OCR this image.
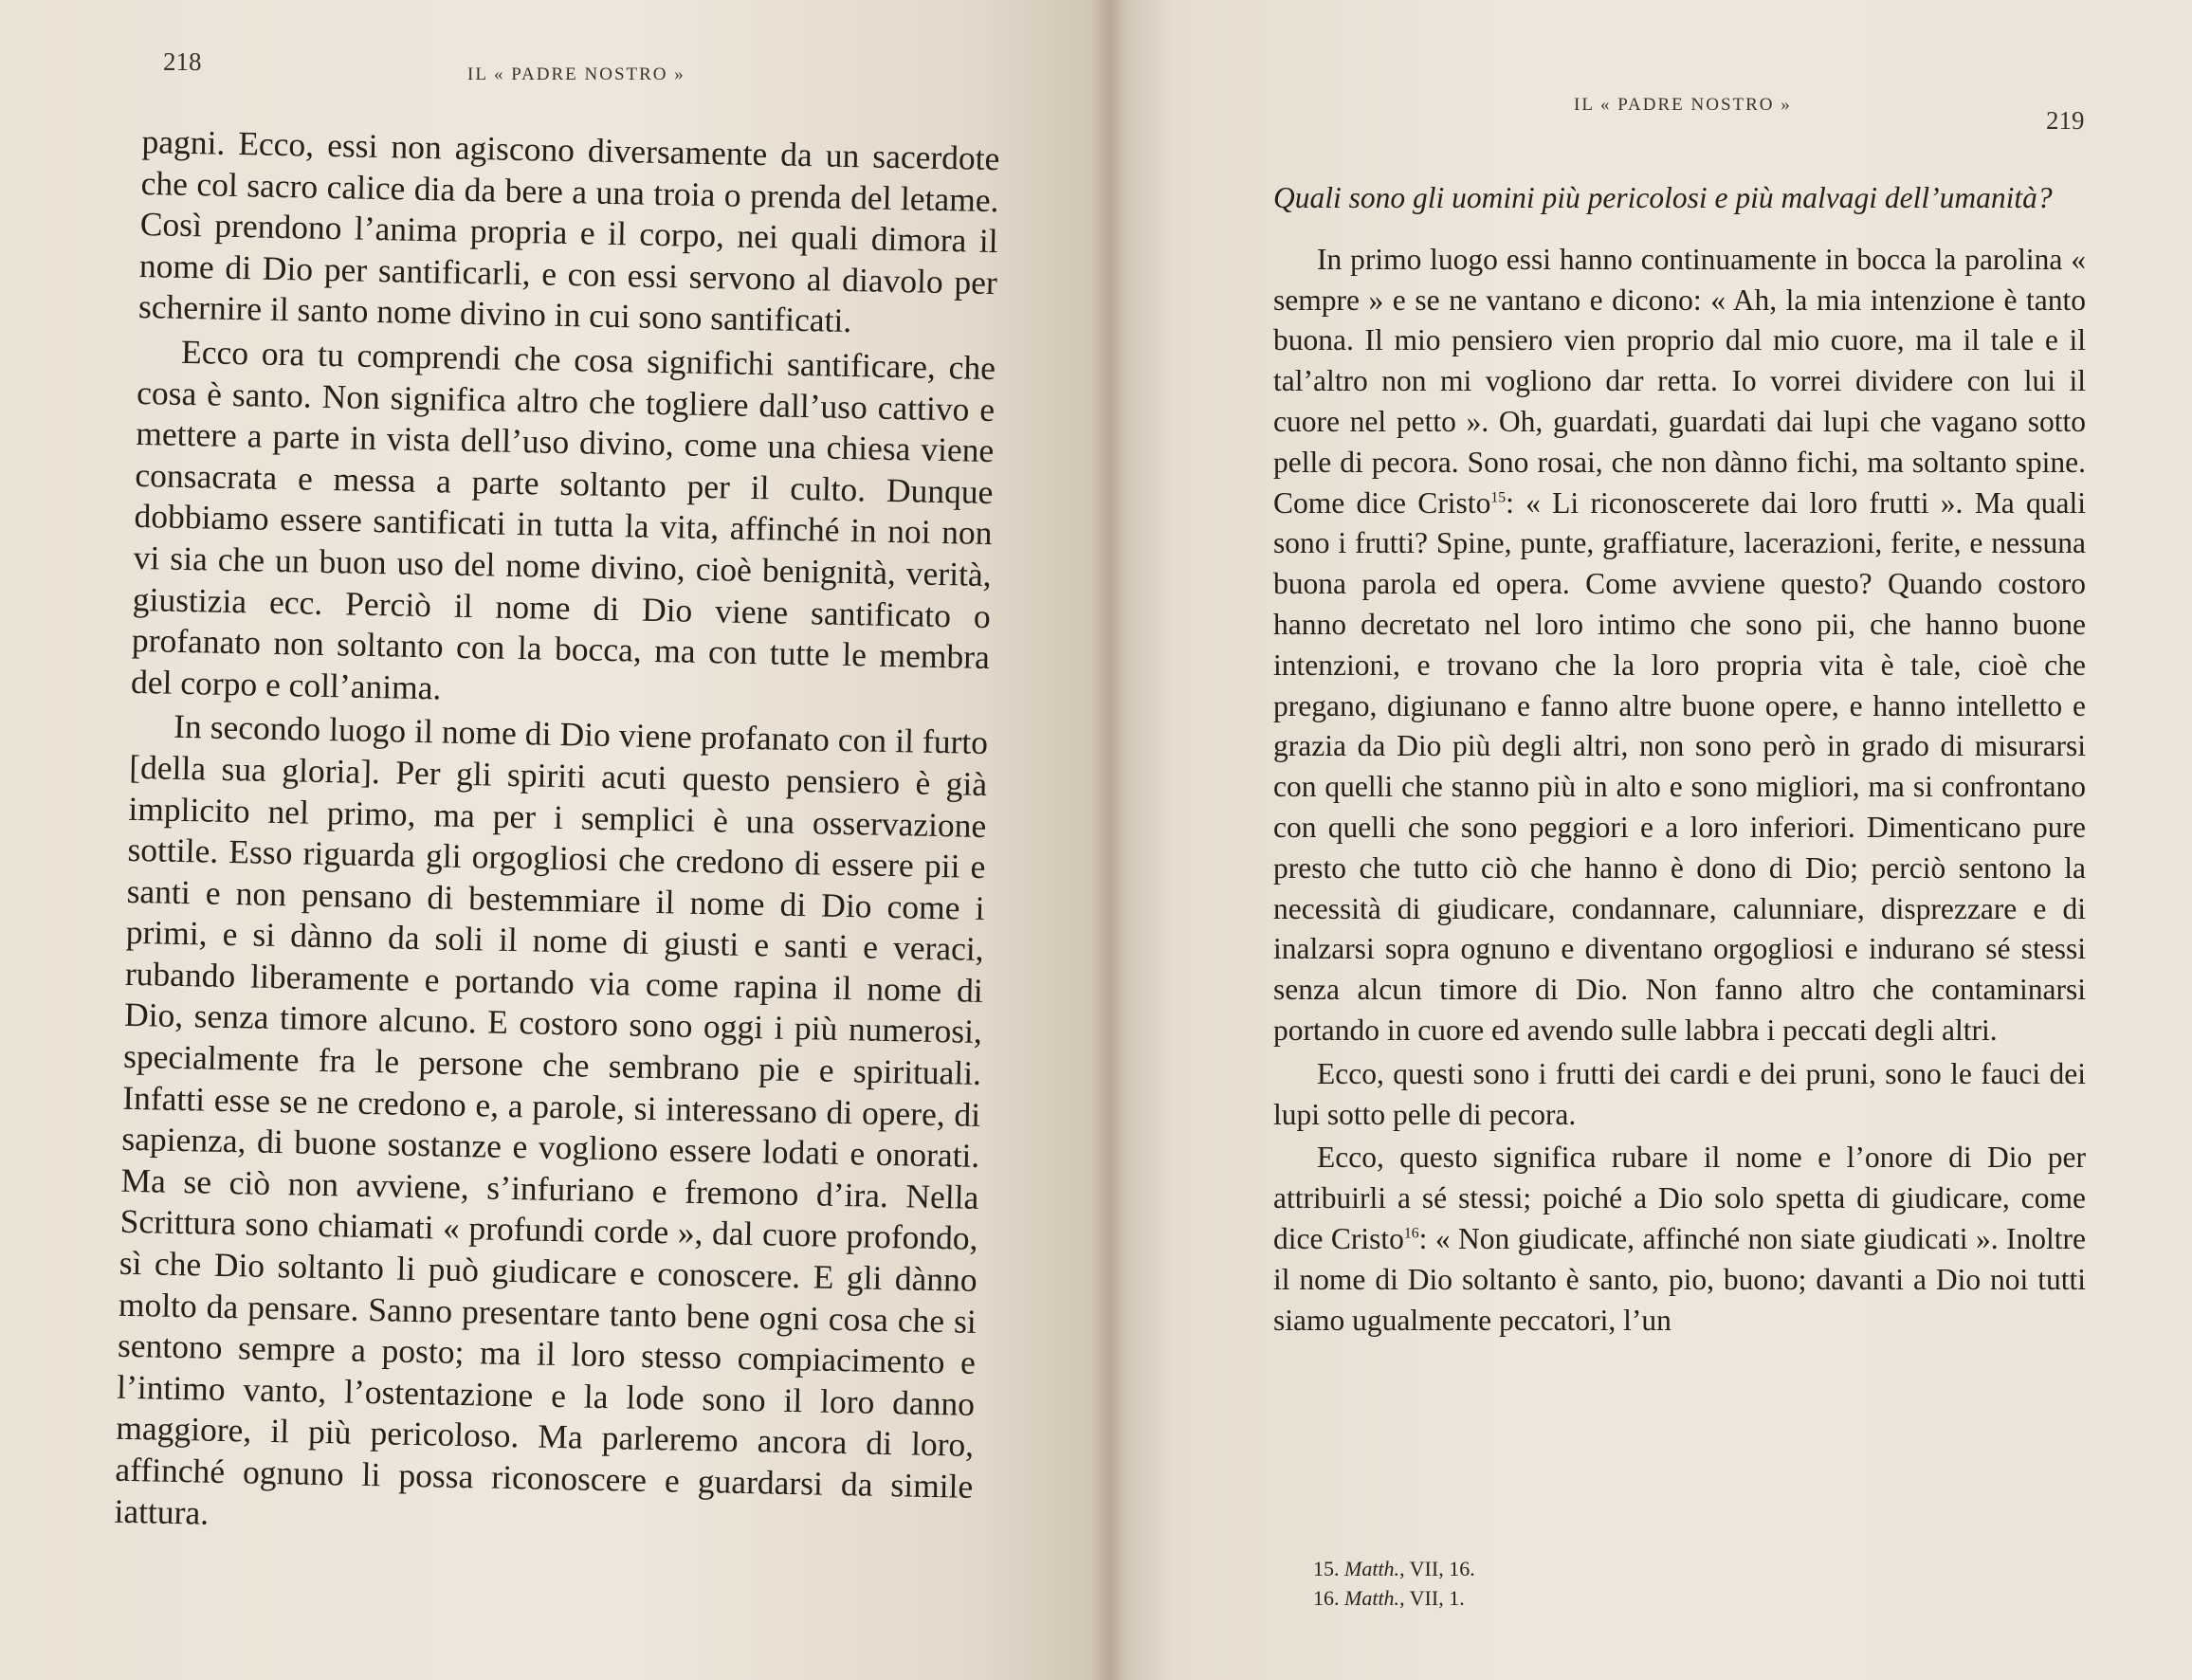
218	IL « PADRE NOSTRO »

pagni. Ecco, essi non agiscono diversamente da un sacerdote che col sacro calice dia da bere a una troia o prenda del letame. Così prendono l’anima propria e il corpo, nei quali dimora il nome di Dio per santificarli, e con essi servono al diavolo per schernire il santo nome divino in cui sono santificati.

Ecco ora tu comprendi che cosa significhi santificare, che cosa è santo. Non significa altro che togliere dall’uso cattivo e mettere a parte in vista dell’uso divino, come una chiesa viene consacrata e messa a parte soltanto per il culto. Dunque dobbiamo essere santificati in tutta la vita, affinché in noi non vi sia che un buon uso del nome divino, cioè benignità, verità, giustizia ecc. Perciò il nome di Dio viene santificato o profanato non soltanto con la bocca, ma con tutte le membra del corpo e coll’anima.

In secondo luogo il nome di Dio viene profanato con il furto [della sua gloria]. Per gli spiriti acuti questo pensiero è già implicito nel primo, ma per i semplici è una osservazione sottile. Esso riguarda gli orgogliosi che credono di essere pii e santi e non pensano di bestemmiare il nome di Dio come i primi, e si dànno da soli il nome di giusti e santi e veraci, rubando liberamente e portando via come rapina il nome di Dio, senza timore alcuno. E costoro sono oggi i più numerosi, specialmente fra le persone che sembrano pie e spirituali. Infatti esse se ne credono e, a parole, si interessano di opere, di sapienza, di buone sostanze e vogliono essere lodati e onorati. Ma se ciò non avviene, s’infuriano e fremono d’ira. Nella Scrittura sono chiamati « profundi corde », dal cuore profondo, sì che Dio soltanto li può giudicare e conoscere. E gli dànno molto da pensare. Sanno presentare tanto bene ogni cosa che si sentono sempre a posto; ma il loro stesso compiacimento e l’intimo vanto, l’ostentazione e la lode sono il loro danno maggiore, il più pericoloso. Ma parleremo ancora di loro, affinché ognuno li possa riconoscere e guardarsi da simile iattura.

IL « PADRE NOSTRO »
219

Quali sono gli uomini più pericolosi e più malvagi dell’umanità?

In primo luogo essi hanno continuamente in bocca la parolina « sempre » e se ne vantano e dicono: « Ah, la mia intenzione è tanto buona. Il mio pensiero vien proprio dal mio cuore, ma il tale e il tal’altro non mi vogliono dar retta. Io vorrei dividere con lui il cuore nel petto ». Oh, guardati, guardati dai lupi che vagano sotto pelle di pecora. Sono rosai, che non dànno fichi, ma soltanto spine. Come dice Cristo$^{15}$: « Li riconoscerete dai loro frutti ». Ma quali sono i frutti? Spine, punte, graffiature, lacerazioni, ferite, e nessuna buona parola ed opera. Come avviene questo? Quando costoro hanno decretato nel loro intimo che sono pii, che hanno buone intenzioni, e trovano che la loro propria vita è tale, cioè che pregano, digiunano e fanno altre buone opere, e hanno intelletto e grazia da Dio più degli altri, non sono però in grado di misurarsi con quelli che stanno più in alto e sono migliori, ma si confrontano con quelli che sono peggiori e a loro inferiori. Dimenticano pure presto che tutto ciò che hanno è dono di Dio; perciò sentono la necessità di giudicare, condannare, calunniare, disprezzare e di inalzarsi sopra ognuno e diventano orgogliosi e indurano sé stessi senza alcun timore di Dio. Non fanno altro che contaminarsi portando in cuore ed avendo sulle labbra i peccati degli altri.

Ecco, questi sono i frutti dei cardi e dei pruni, sono le fauci dei lupi sotto pelle di pecora.

Ecco, questo significa rubare il nome e l’onore di Dio per attribuirli a sé stessi; poiché a Dio solo spetta di giudicare, come dice Cristo$^{16}$: « Non giudicate, affinché non siate giudicati ». Inoltre il nome di Dio soltanto è santo, pio, buono; davanti a Dio noi tutti siamo ugualmente peccatori, l’un

15. Matth., VII, 16.
16. Matth., VII, 1.
